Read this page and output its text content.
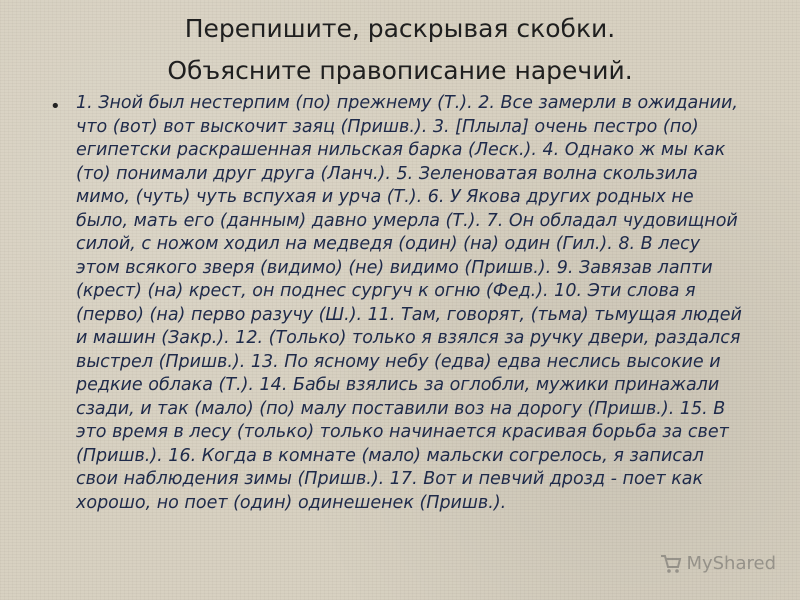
Перепишите, раскрывая скобки.
Объясните правописание наречий.
• 1. Зной был нестерпим (по) прежнему (Т.). 2. Все замерли в ожидании, что (вот) вот выскочит заяц (Пришв.). 3. [Плыла] очень пестро (по) египетски раскрашенная нильская барка (Леск.). 4. Однако ж мы как (то) понимали друг друга (Ланч.). 5. Зеленоватая волна скользила мимо, (чуть) чуть вспухая и урча (Т.). 6. У Якова других родных не было, мать его (данным) давно умерла (Т.). 7. Он обладал чудовищной силой, с ножом ходил на медведя (один) (на) один (Гил.). 8. В лесу этом всякого зверя (видимо) (не) видимо (Пришв.). 9. Завязав лапти (крест) (на) крест, он поднес сургуч к огню (Фед.). 10. Эти слова я (перво) (на) перво разучу (Ш.). 11. Там, говорят, (тьма) тьмущая людей и машин (Закр.). 12. (Только) только я взялся за ручку двери, раздался выстрел (Пришв.). 13. По ясному небу (едва) едва неслись высокие и редкие облака (Т.). 14. Бабы взялись за оглобли, мужики принажали сзади, и так (мало) (по) малу поставили воз на дорогу (Пришв.). 15. В это время в лесу (только) только начинается красивая борьба за свет (Пришв.). 16. Когда в комнате (мало) мальски согрелось, я записал свои наблюдения зимы (Пришв.). 17. Вот и певчий дрозд - поет как хорошо, но поет (один) одинешенек (Пришв.).
MyShared
